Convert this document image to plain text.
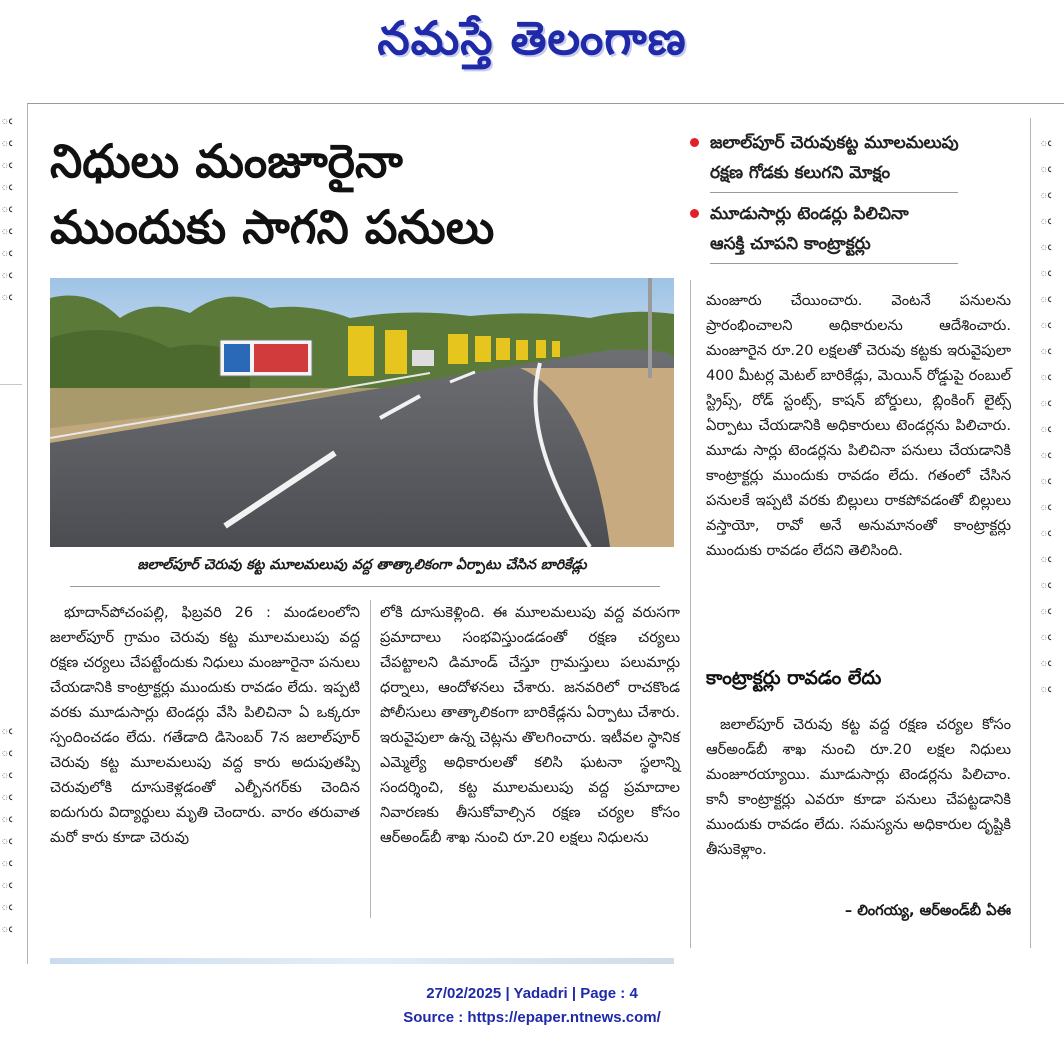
నమస్తే తెలంగాణ
ఁ
ఁ
ఁ
ఁ
ఁ
ఁ
ఁ
ఁ
ఁ
ఁ
ఁ
ఁ
ఁ
ఁ
ఁ
ఁ
ఁ
ఁ
ఁ
నిధులు మంజూరైనా
ముందుకు సాగని పనులు
జలాల్‌పూర్ చెరువు కట్ట మూలమలుపు వద్ద తాత్కాలికంగా ఏర్పాటు చేసిన బారికేడ్లు
జలాల్‌పూర్ చెరువుకట్ట మూలమలుపు
రక్షణ గోడకు కలుగని మోక్షం
మూడుసార్లు టెండర్లు పిలిచినా
ఆసక్తి చూపని కాంట్రాక్టర్లు
భూదాన్‌పోచంపల్లి, ఫిబ్రవరి 26 : మండలంలోని జలాల్‌పూర్ గ్రామం చెరువు కట్ట మూలమలుపు వద్ద రక్షణ చర్యలు చేపట్టేందుకు నిధులు మంజూరైనా పనులు చేయడానికి కాంట్రాక్టర్లు ముందుకు రావడం లేదు. ఇప్పటి వరకు మూడుసార్లు టెండర్లు వేసి పిలిచినా ఏ ఒక్కరూ స్పందించడం లేదు. గతేడాది డిసెంబర్ 7న జలాల్‌పూర్ చెరువు కట్ట మూలమలుపు వద్ద కారు అదుపుతప్పి చెరువులోకి దూసుకెళ్లడంతో ఎల్బీనగర్‌కు చెందిన ఐదుగురు విద్యార్థులు మృతి చెందారు. వారం తరువాత మరో కారు కూడా చెరువు
లోకి దూసుకెళ్లింది. ఈ మూలమలుపు వద్ద వరుసగా ప్రమాదాలు సంభవిస్తుండడంతో రక్షణ చర్యలు చేపట్టాలని డిమాండ్ చేస్తూ గ్రామస్తులు పలుమార్లు ధర్నాలు, ఆందోళనలు చేశారు. జనవరిలో రాచకొండ పోలీసులు తాత్కాలికంగా బారికేడ్లను ఏర్పాటు చేశారు. ఇరువైపులా ఉన్న చెట్లను తొలగించారు. ఇటీవల స్థానిక ఎమ్మెల్యే అధికారులతో కలిసి ఘటనా స్థలాన్ని సందర్శించి, కట్ట మూలమలుపు వద్ద ప్రమాదాల నివారణకు తీసుకోవాల్సిన రక్షణ చర్యల కోసం ఆర్అండ్‌బీ శాఖ నుంచి రూ.20 లక్షలు నిధులను
మంజూరు చేయించారు. వెంటనే పనులను ప్రారంభించాలని అధికారులను ఆదేశించారు. మంజూరైన రూ.20 లక్షలతో చెరువు కట్టకు ఇరువైపులా 400 మీటర్ల మెటల్ బారికేడ్లు, మెయిన్ రోడ్డుపై రంబుల్ స్ట్రిప్స్, రోడ్ స్టంట్స్, కాషన్ బోర్డులు, బ్లింకింగ్ లైట్స్ ఏర్పాటు చేయడానికి అధికారులు టెండర్లను పిలిచారు. మూడు సార్లు టెండర్లను పిలిచినా పనులు చేయడానికి కాంట్రాక్టర్లు ముందుకు రావడం లేదు. గతంలో చేసిన పనులకే ఇప్పటి వరకు బిల్లులు రాకపోవడంతో బిల్లులు వస్తాయో, రావో అనే అనుమానంతో కాంట్రాక్టర్లు ముందుకు రావడం లేదని తెలిసింది.
కాంట్రాక్టర్లు రావడం లేదు
జలాల్‌పూర్ చెరువు కట్ట వద్ద రక్షణ చర్యల కోసం ఆర్అండ్‌బీ శాఖ నుంచి రూ.20 లక్షల నిధులు మంజూరయ్యాయి. మూడుసార్లు టెండర్లను పిలిచాం. కానీ కాంట్రాక్టర్లు ఎవరూ కూడా పనులు చేపట్టడానికి ముందుకు రావడం లేదు. సమస్యను అధికారుల దృష్టికి తీసుకెళ్లాం.
– లింగయ్య, ఆర్అండ్‌బీ ఏఈ
ఁ
ఁ
ఁ
ఁ
ఁ
ఁ
ఁ
ఁ
ఁ
ఁ
ఁ
ఁ
ఁ
ఁ
ఁ
ఁ
ఁ
ఁ
ఁ
ఁ
ఁ
ఁ
27/02/2025 | Yadadri | Page : 4
Source : https://epaper.ntnews.com/
